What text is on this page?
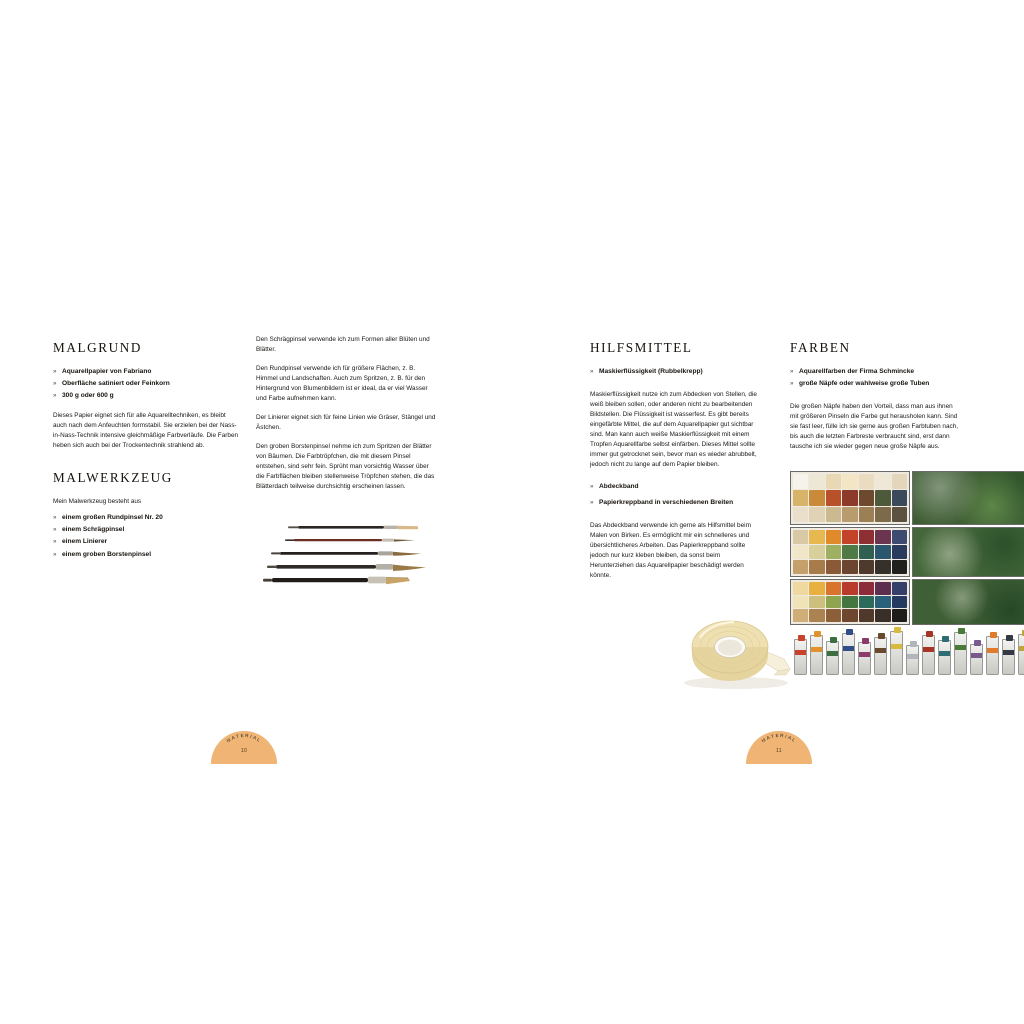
MALGRUND
» Aquarellpapier von Fabriano
» Oberfläche satiniert oder Feinkorn
» 300 g oder 600 g

Dieses Papier eignet sich für alle Aquarelltechniken, es bleibt auch nach dem Anfeuchten formstabil. Sie erzielen bei der Nass-in-Nass-Technik intensive gleichmäßige Farbverläufe. Die Farben heben sich auch bei der Trockentechnik strahlend ab.

MALWERKZEUG

Mein Malwerkzeug besteht aus

» einem großen Rundpinsel Nr. 20
» einem Schrägpinsel
» einem Linierer
» einem groben Borstenpinsel

Den Schrägpinsel verwende ich zum Formen aller Blüten und Blätter.

Den Rundpinsel verwende ich für größere Flächen, z. B. Himmel und Landschaften. Auch zum Spritzen, z. B. für den Hintergrund von Blumenbildern ist er ideal, da er viel Wasser und Farbe aufnehmen kann.

Der Linierer eignet sich für feine Linien wie Gräser, Stängel und Ästchen.

Den groben Borstenpinsel nehme ich zum Spritzen der Blätter von Bäumen. Die Farbtröpfchen, die mit diesem Pinsel entstehen, sind sehr fein. Sprüht man vorsichtig Wasser über die Farbflächen bleiben stellenweise Tröpfchen stehen, die das Blätterdach teilweise durchsichtig erscheinen lassen.

MATERIAL
10
HILFSMITTEL
» Maskierflüssigkeit (Rubbelkrepp)

Maskierflüssigkeit nutze ich zum Abdecken von Stellen, die weiß bleiben sollen, oder anderen nicht zu bearbeitenden Bildstellen. Die Flüssigkeit ist wasserfest. Es gibt bereits eingefärbte Mittel, die auf dem Aquarellpapier gut sichtbar sind. Man kann auch weiße Maskierflüssigkeit mit einem Tropfen Aquarellfarbe selbst einfärben. Dieses Mittel sollte immer gut getrocknet sein, bevor man es wieder abrubbelt, jedoch nicht zu lange auf dem Papier bleiben.

» Abdeckband
» Papierkreppband in verschiedenen Breiten

Das Abdeckband verwende ich gerne als Hilfsmittel beim Malen von Birken. Es ermöglicht mir ein schnelleres und übersichtlicheres Arbeiten. Das Papierkreppband sollte jedoch nur kurz kleben bleiben, da sonst beim Herunterziehen das Aquarellpapier beschädigt werden könnte.

FARBEN
» Aquarellfarben der Firma Schmincke
» große Näpfe oder wahlweise große Tuben

Die großen Näpfe haben den Vorteil, dass man aus ihnen mit größeren Pinseln die Farbe gut herausholen kann. Sind sie fast leer, fülle ich sie gerne aus großen Farbtuben nach, bis auch die letzten Farbreste verbraucht sind, erst dann tausche ich sie wieder gegen neue große Näpfe aus.

MATERIAL
11
